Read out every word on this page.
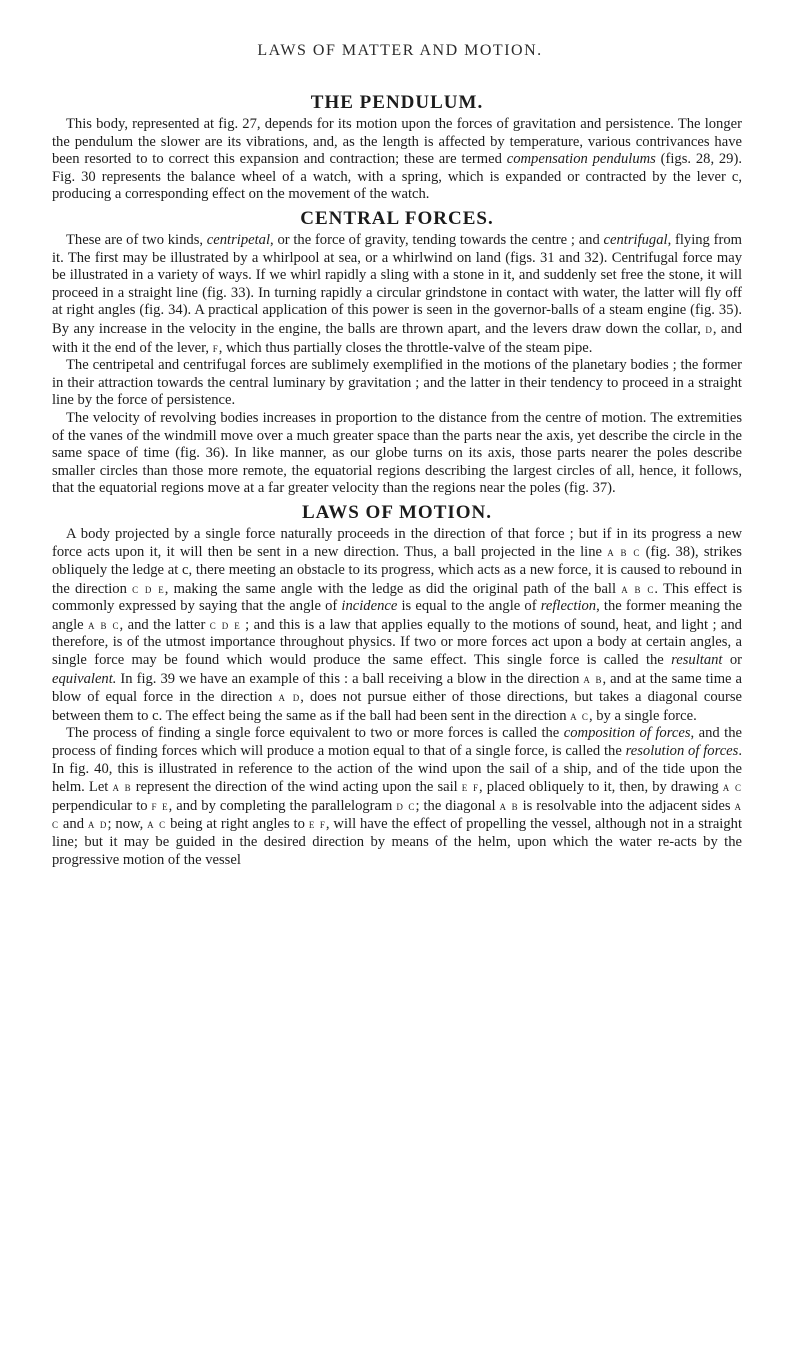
LAWS OF MATTER AND MOTION.
THE PENDULUM.

This body, represented at fig. 27, depends for its motion upon the forces of gravitation and persistence. The longer the pendulum the slower are its vibrations, and, as the length is affected by temperature, various contrivances have been resorted to to correct this expansion and contraction; these are termed compensation pendulums (figs. 28, 29). Fig. 30 represents the balance wheel of a watch, with a spring, which is expanded or contracted by the lever c, producing a corresponding effect on the movement of the watch.

CENTRAL FORCES.

These are of two kinds, centripetal, or the force of gravity, tending towards the centre ; and centrifugal, flying from it. The first may be illustrated by a whirlpool at sea, or a whirlwind on land (figs. 31 and 32). Centrifugal force may be illustrated in a variety of ways. If we whirl rapidly a sling with a stone in it, and suddenly set free the stone, it will proceed in a straight line (fig. 33). In turning rapidly a circular grindstone in contact with water, the latter will fly off at right angles (fig. 34). A practical application of this power is seen in the governor-balls of a steam engine (fig. 35). By any increase in the velocity in the engine, the balls are thrown apart, and the levers draw down the collar, d, and with it the end of the lever, f, which thus partially closes the throttle-valve of the steam pipe.

The centripetal and centrifugal forces are sublimely exemplified in the motions of the planetary bodies ; the former in their attraction towards the central luminary by gravitation ; and the latter in their tendency to proceed in a straight line by the force of persistence.

The velocity of revolving bodies increases in proportion to the distance from the centre of motion. The extremities of the vanes of the windmill move over a much greater space than the parts near the axis, yet describe the circle in the same space of time (fig. 36). In like manner, as our globe turns on its axis, those parts nearer the poles describe smaller circles than those more remote, the equatorial regions describing the largest circles of all, hence, it follows, that the equatorial regions move at a far greater velocity than the regions near the poles (fig. 37).

LAWS OF MOTION.

A body projected by a single force naturally proceeds in the direction of that force ; but if in its progress a new force acts upon it, it will then be sent in a new direction. Thus, a ball projected in the line a b c (fig. 38), strikes obliquely the ledge at c, there meeting an obstacle to its progress, which acts as a new force, it is caused to rebound in the direction c d e, making the same angle with the ledge as did the original path of the ball a b c. This effect is commonly expressed by saying that the angle of incidence is equal to the angle of reflection, the former meaning the angle a b c, and the latter c d e ; and this is a law that applies equally to the motions of sound, heat, and light ; and therefore, is of the utmost importance throughout physics. If two or more forces act upon a body at certain angles, a single force may be found which would produce the same effect. This single force is called the resultant or equivalent. In fig. 39 we have an example of this : a ball receiving a blow in the direction a b, and at the same time a blow of equal force in the direction a d, does not pursue either of those directions, but takes a diagonal course between them to c. The effect being the same as if the ball had been sent in the direction a c, by a single force.

The process of finding a single force equivalent to two or more forces is called the composition of forces, and the process of finding forces which will produce a motion equal to that of a single force, is called the resolution of forces. In fig. 40, this is illustrated in reference to the action of the wind upon the sail of a ship, and of the tide upon the helm. Let a b represent the direction of the wind acting upon the sail e f, placed obliquely to it, then, by drawing a c perpendicular to f e, and by completing the parallelogram d c; the diagonal a b is resolvable into the adjacent sides a c and a d; now, a c being at right angles to e f, will have the effect of propelling the vessel, although not in a straight line; but it may be guided in the desired direction by means of the helm, upon which the water re-acts by the progressive motion of the vessel
